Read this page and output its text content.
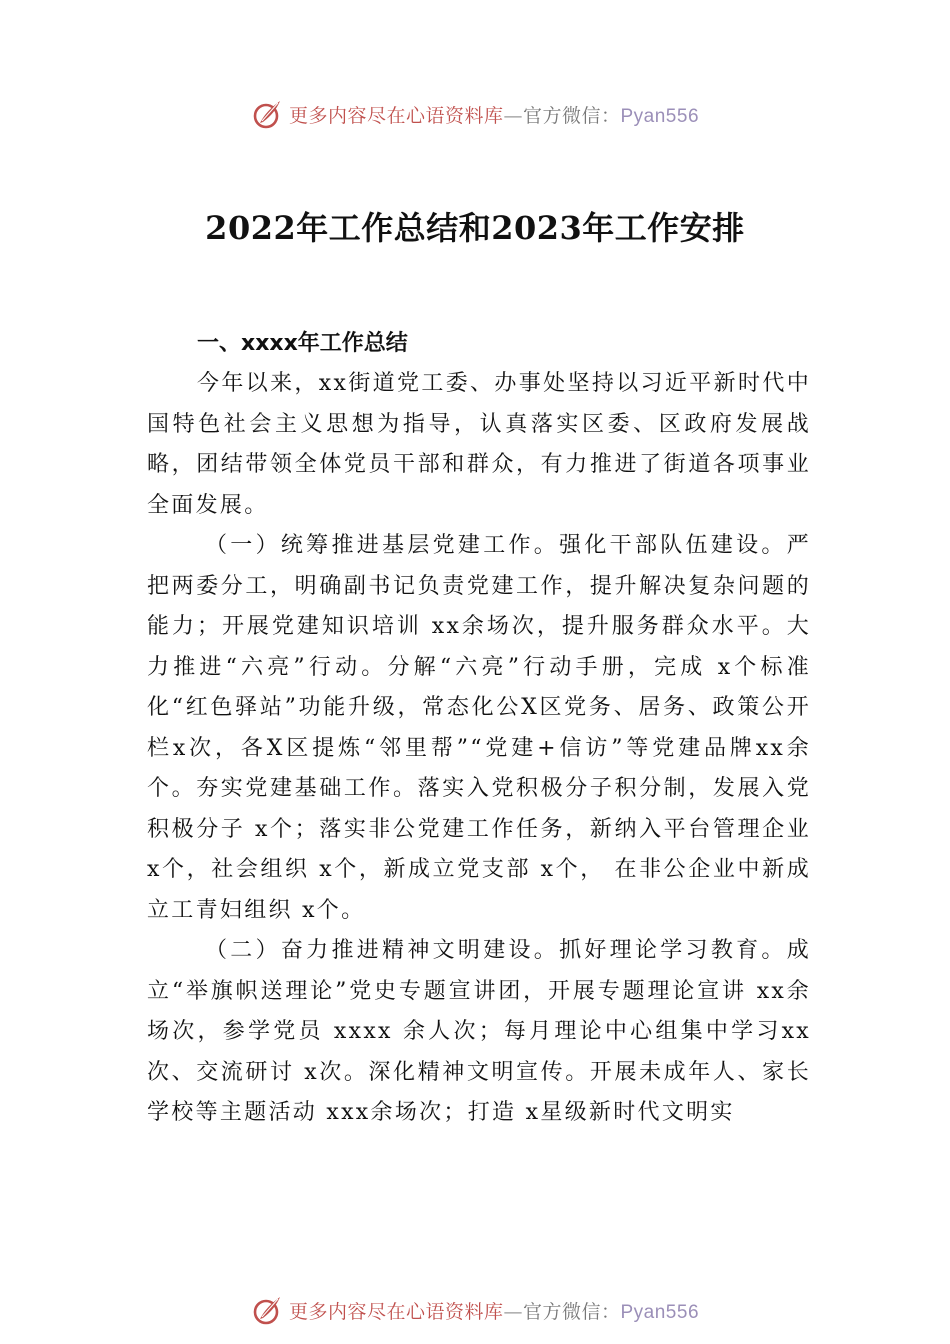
更多内容尽在心语资料库—官方微信：Pyan556
2022年工作总结和2023年工作安排
一、xxxx年工作总结

今年以来，xx街道党工委、办事处坚持以习近平新时代中国特色社会主义思想为指导，认真落实区委、区政府发展战略，团结带领全体党员干部和群众，有力推进了街道各项事业全面发展。

（一）统筹推进基层党建工作。强化干部队伍建设。严把两委分工，明确副书记负责党建工作，提升解决复杂问题的能力；开展党建知识培训 xx余场次，提升服务群众水平。大力推进“六亮”行动。分解“六亮”行动手册，完成 x个标准化“红色驿站”功能升级，常态化公X区党务、居务、政策公开栏x次，各X区提炼“邻里帮”“党建+信访”等党建品牌xx余个。夯实党建基础工作。落实入党积极分子积分制，发展入党积极分子 x个；落实非公党建工作任务，新纳入平台管理企业 x个，社会组织 x个，新成立党支部 x个， 在非公企业中新成立工青妇组织 x个。

（二）奋力推进精神文明建设。抓好理论学习教育。成立“举旗帜送理论”党史专题宣讲团，开展专题理论宣讲 xx余场次，参学党员 xxxx 余人次；每月理论中心组集中学习xx次、交流研讨 x次。深化精神文明宣传。开展未成年人、家长学校等主题活动 xxx余场次；打造 x星级新时代文明实

更多内容尽在心语资料库—官方微信：Pyan556
